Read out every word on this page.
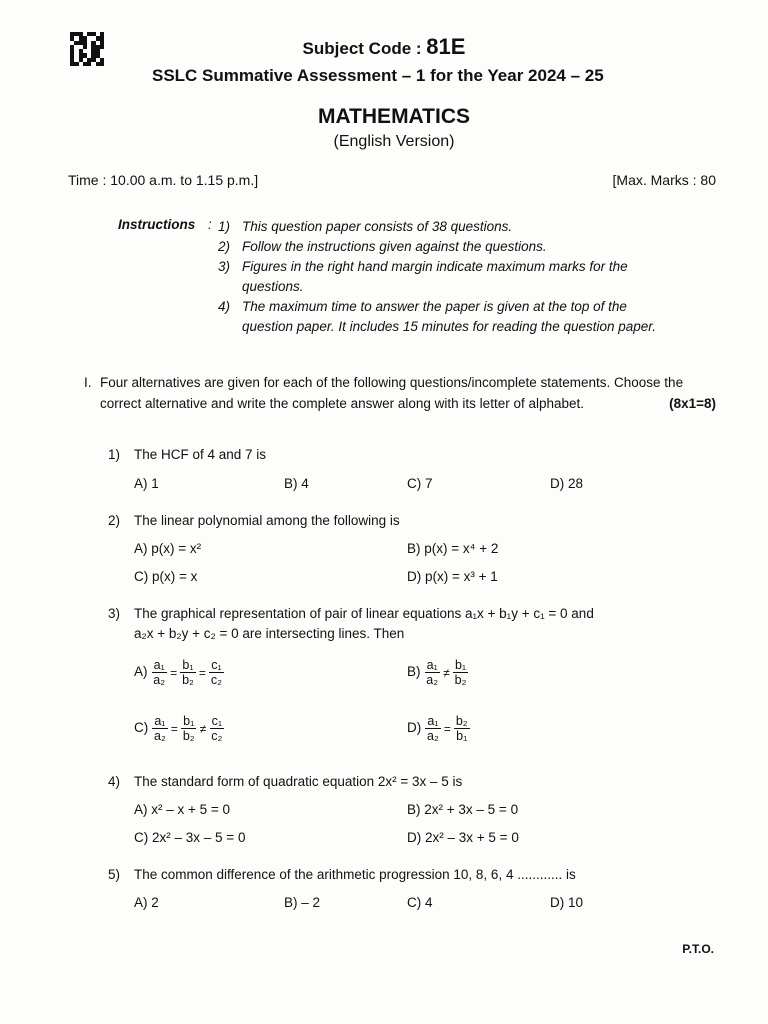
Subject Code : 81E
SSLC Summative Assessment – 1 for the Year 2024 – 25
MATHEMATICS
(English Version)
Time : 10.00 a.m. to 1.15 p.m.]	[Max. Marks : 80
Instructions : 1) This question paper consists of 38 questions.
2) Follow the instructions given against the questions.
3) Figures in the right hand margin indicate maximum marks for the questions.
4) The maximum time to answer the paper is given at the top of the question paper. It includes 15 minutes for reading the question paper.
I. Four alternatives are given for each of the following questions/incomplete statements. Choose the correct alternative and write the complete answer along with its letter of alphabet.	(8x1=8)
1) The HCF of 4 and 7 is
A) 1	B) 4	C) 7	D) 28
2) The linear polynomial among the following is
A) p(x) = x²	B) p(x) = x⁴ + 2
C) p(x) = x	D) p(x) = x³ + 1
3) The graphical representation of pair of linear equations a₁x + b₁y + c₁ = 0 and
a₂x + b₂y + c₂ = 0 are intersecting lines. Then
$A) \frac{\text{a₁}}{\text{a₂}} = \frac{\text{b₁}}{\text{b₂}} = \frac{\text{c₁}}{\text{c₂}}$	$B) \frac{\text{a₁}}{\text{a₂}} \ne \frac{\text{b₁}}{\text{b₂}}$
$C) \frac{\text{a₁}}{\text{a₂}} = \frac{\text{b₁}}{\text{b₂}} \ne \frac{\text{c₁}}{\text{c₂}}$	$D) \frac{\text{a₁}}{\text{a₂}} = \frac{\text{b₂}}{\text{b₁}}$
4) The standard form of quadratic equation 2x² = 3x – 5 is
A) x² – x + 5 = 0	B) 2x² + 3x – 5 = 0
C) 2x² – 3x – 5 = 0	D) 2x² – 3x + 5 = 0
5) The common difference of the arithmetic progression 10, 8, 6, 4 ............ is
A) 2	B) – 2	C) 4	D) 10
P.T.O.
